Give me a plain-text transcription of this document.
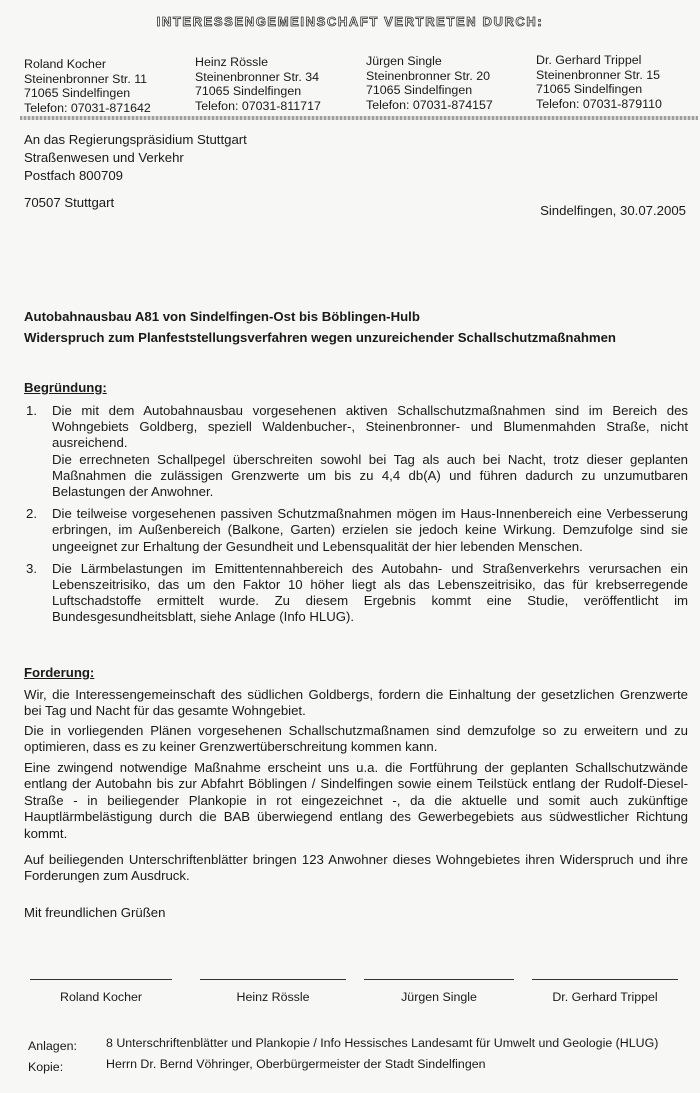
INTERESSENGEMEINSCHAFT VERTRETEN DURCH:
Roland Kocher
Steinenbronner Str. 11
71065 Sindelfingen
Telefon: 07031-871642
Heinz Rössle
Steinenbronner Str. 34
71065 Sindelfingen
Telefon: 07031-811717
Jürgen Single
Steinenbronner Str. 20
71065 Sindelfingen
Telefon: 07031-874157
Dr. Gerhard Trippel
Steinenbronner Str. 15
71065 Sindelfingen
Telefon: 07031-879110
An das Regierungspräsidium Stuttgart
Straßenwesen und Verkehr
Postfach 800709
70507 Stuttgart
Sindelfingen, 30.07.2005
Autobahnausbau A81 von Sindelfingen-Ost bis Böblingen-Hulb
Widerspruch zum Planfeststellungsverfahren wegen unzureichender Schallschutzmaßnahmen
Begründung:
1. Die mit dem Autobahnausbau vorgesehenen aktiven Schallschutzmaßnahmen sind im Bereich des Wohngebiets Goldberg, speziell Waldenbucher-, Steinenbronner- und Blumenmahden Straße, nicht ausreichend.
Die errechneten Schallpegel überschreiten sowohl bei Tag als auch bei Nacht, trotz dieser geplanten Maßnahmen die zulässigen Grenzwerte um bis zu 4,4 db(A) und führen dadurch zu unzumutbaren Belastungen der Anwohner.
2. Die teilweise vorgesehenen passiven Schutzmaßnahmen mögen im Haus-Innenbereich eine Verbesserung erbringen, im Außenbereich (Balkone, Garten) erzielen sie jedoch keine Wirkung. Demzufolge sind sie ungeeignet zur Erhaltung der Gesundheit und Lebensqualität der hier lebenden Menschen.
3. Die Lärmbelastungen im Emittentennahbereich des Autobahn- und Straßenverkehrs verursachen ein Lebenszeitrisiko, das um den Faktor 10 höher liegt als das Lebenszeitrisiko, das für krebserregende Luftschadstoffe ermittelt wurde. Zu diesem Ergebnis kommt eine Studie, veröffentlicht im Bundesgesundheitsblatt, siehe Anlage (Info HLUG).
Forderung:
Wir, die Interessengemeinschaft des südlichen Goldbergs, fordern die Einhaltung der gesetzlichen Grenzwerte bei Tag und Nacht für das gesamte Wohngebiet.
Die in vorliegenden Plänen vorgesehenen Schallschutzmaßnamen sind demzufolge so zu erweitern und zu optimieren, dass es zu keiner Grenzwertüberschreitung kommen kann.
Eine zwingend notwendige Maßnahme erscheint uns u.a. die Fortführung der geplanten Schallschutzwände entlang der Autobahn bis zur Abfahrt Böblingen / Sindelfingen sowie einem Teilstück entlang der Rudolf-Diesel-Straße - in beiliegender Plankopie in rot eingezeichnet -, da die aktuelle und somit auch zukünftige Hauptlärmbelästigung durch die BAB überwiegend entlang des Gewerbegebiets aus südwestlicher Richtung kommt.
Auf beiliegenden Unterschriftenblätter bringen 123 Anwohner dieses Wohngebietes ihren Widerspruch und ihre Forderungen zum Ausdruck.
Mit freundlichen Grüßen
Roland Kocher	Heinz Rössle	Jürgen Single	Dr. Gerhard Trippel
Anlagen: 8 Unterschriftenblätter und Plankopie / Info Hessisches Landesamt für Umwelt und Geologie (HLUG)
Kopie:	Herrn Dr. Bernd Vöhringer, Oberbürgermeister der Stadt Sindelfingen
